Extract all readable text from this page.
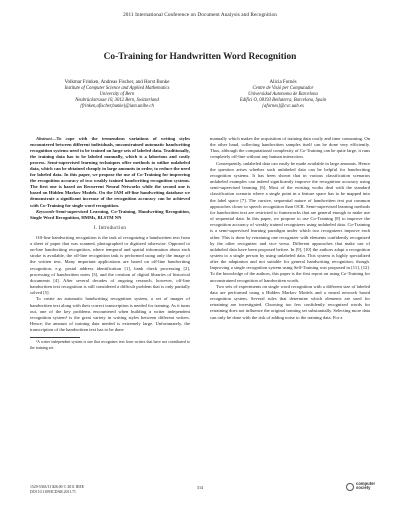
2011 International Conference on Document Analysis and Recognition
Co-Training for Handwritten Word Recognition
Volkmar Frinken, Andreas Fischer, and Horst Bunke
Institute of Computer Science and Applied Mathematics
University of Bern
Neubrückstrasse 10, 3012 Bern, Switzerland
{frinken,afischer,bunke}@iam.unibe.ch
Alicia Fornés
Centre de Visió per Computador
Universidad Autonoma de Barcelona
Edifici O, 08193 Bellaterra, Barcelona, Spain
{afornes}@cvc.uab.es

Abstract—To cope with the tremendous variations of writing styles encountered between different individuals, unconstrained automatic handwriting recognition systems need to be trained on large sets of labeled data. Traditionally, the training data has to be labeled manually, which is a laborious and costly process. Semi-supervised learning techniques offer methods to utilize unlabeled data, which can be obtained cheaply in large amounts in order, to reduce the need for labeled data. In this paper, we propose the use of Co-Training for improving the recognition accuracy of two weakly trained handwriting recognition systems. The first one is based on Recurrent Neural Networks while the second one is based on Hidden Markov Models. On the IAM off-line handwriting database we demonstrate a significant increase of the recognition accuracy can be achieved with Co-Training for single word recognition.

Keywords-Semi-supervised Learning, Co-Training, Handwriting Recognition, Single Word Recognition, HMMs, BLSTM NN

I. Introduction

Off-line handwriting recognition is the task of recognizing a handwritten text from a sheet of paper that was scanned, photographed or digitized otherwise. Opposed to on-line handwriting recognition, where temporal and spatial information about each stroke is available, the off-line recognition task is performed using only the image of the written text. Many important applications are based on off-line handwriting recognition, e.g. postal address identification [1], bank check processing [2], processing of handwritten notes [3], and the creation of digital libraries of historical documents [4]. After several decades of ongoing research, however, off-line handwritten text recognition is still considered a difficult problem that is only partially solved [5].

To create an automatic handwriting recognition system, a set of images of handwritten text along with their correct transcription is needed for training. As it turns out, one of the key problems encountered when building a writer independent recognition system¹ is the great variety in writing styles between different writers. Hence, the amount of training data needed is extremely large. Unfortunately, the transcription of the handwritten text has to be done

¹A writer independent system is one that recognizes text from writers that have not contributed to the training set.

manually which makes the acquisition of training data costly and time consuming. On the other hand, collecting handwritten samples itself can be done very efficiently. Thus, although the computational complexity of Co-Training can be quite large, it runs completely off-line without any human interaction.

Consequently, unlabeled data can easily be made available in large amounts. Hence the question arises whether such unlabeled data can be helpful for handwriting recognition systems. It has been shown that in various classification scenarios unlabeled examples can indeed significantly improve the recognition accuracy using semi-supervised learning [6]. Most of the existing works deal with the standard classification scenario where a single point in a feature space has to be mapped into the label space [7]. The cursive, sequential nature of handwritten text put common approaches closer to speech recognition than OCR. Semi-supervised learning methods for handwritten text are restricted to frameworks that are general enough to make use of sequential data. In this paper, we propose to use Co-Training [8] to improve the recognition accuracy of weakly trained recognizers using unlabeled data. Co-Training is a semi-supervised learning paradigm under which two recognizers improve each other. This is done by retraining one recognizer with elements confidently recognized by the other recognizer and vice versa. Different approaches that make use of unlabeled data have been proposed before. In [9], [10] the authors adapt a recognition system to a single person by using unlabeled data. This system is highly specialized after the adaptation and not suitable for general handwriting recognition, though. Improving a single recognition system using Self-Training was proposed in [11], [12]. To the knowledge of the authors, this paper is the first report on using Co-Training for unconstrained recognition of handwritten words.

Two sets of experiments on single word recognition with a different size of labeled data are performed using a Hidden Markov Models and a neural network based recognition system. Several rules that determine which elements are used for retraining are investigated. Choosing too few confidently recognized words for retraining does not influence the original training set substantially. Selecting more data can only be done with the risk of adding noise to the training data. For a

1520-5363/11 $26.00 © 2011 IEEE
DOI 10.1109/ICDAR.2011.71
314
computer
society
